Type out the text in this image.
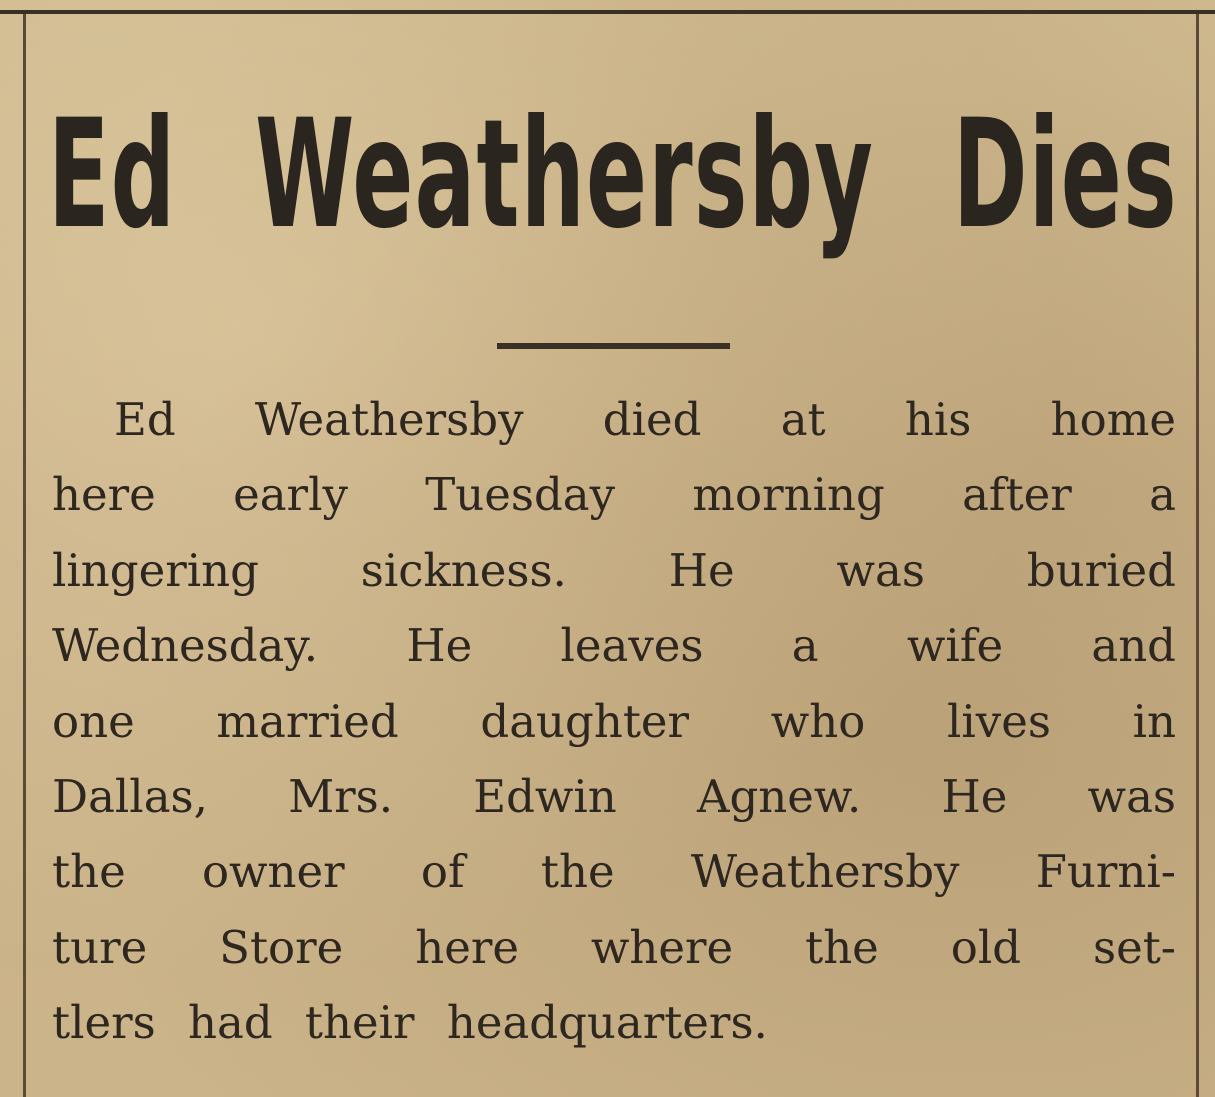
Ed Weathersby Dies
Ed Weathersby died at his home
here early Tuesday morning after a
lingering sickness. He was buried
Wednesday. He leaves a wife and
one married daughter who lives in
Dallas, Mrs. Edwin Agnew. He was
the owner of the Weathersby Furni-
ture Store here where the old set-
tlers had their headquarters.
